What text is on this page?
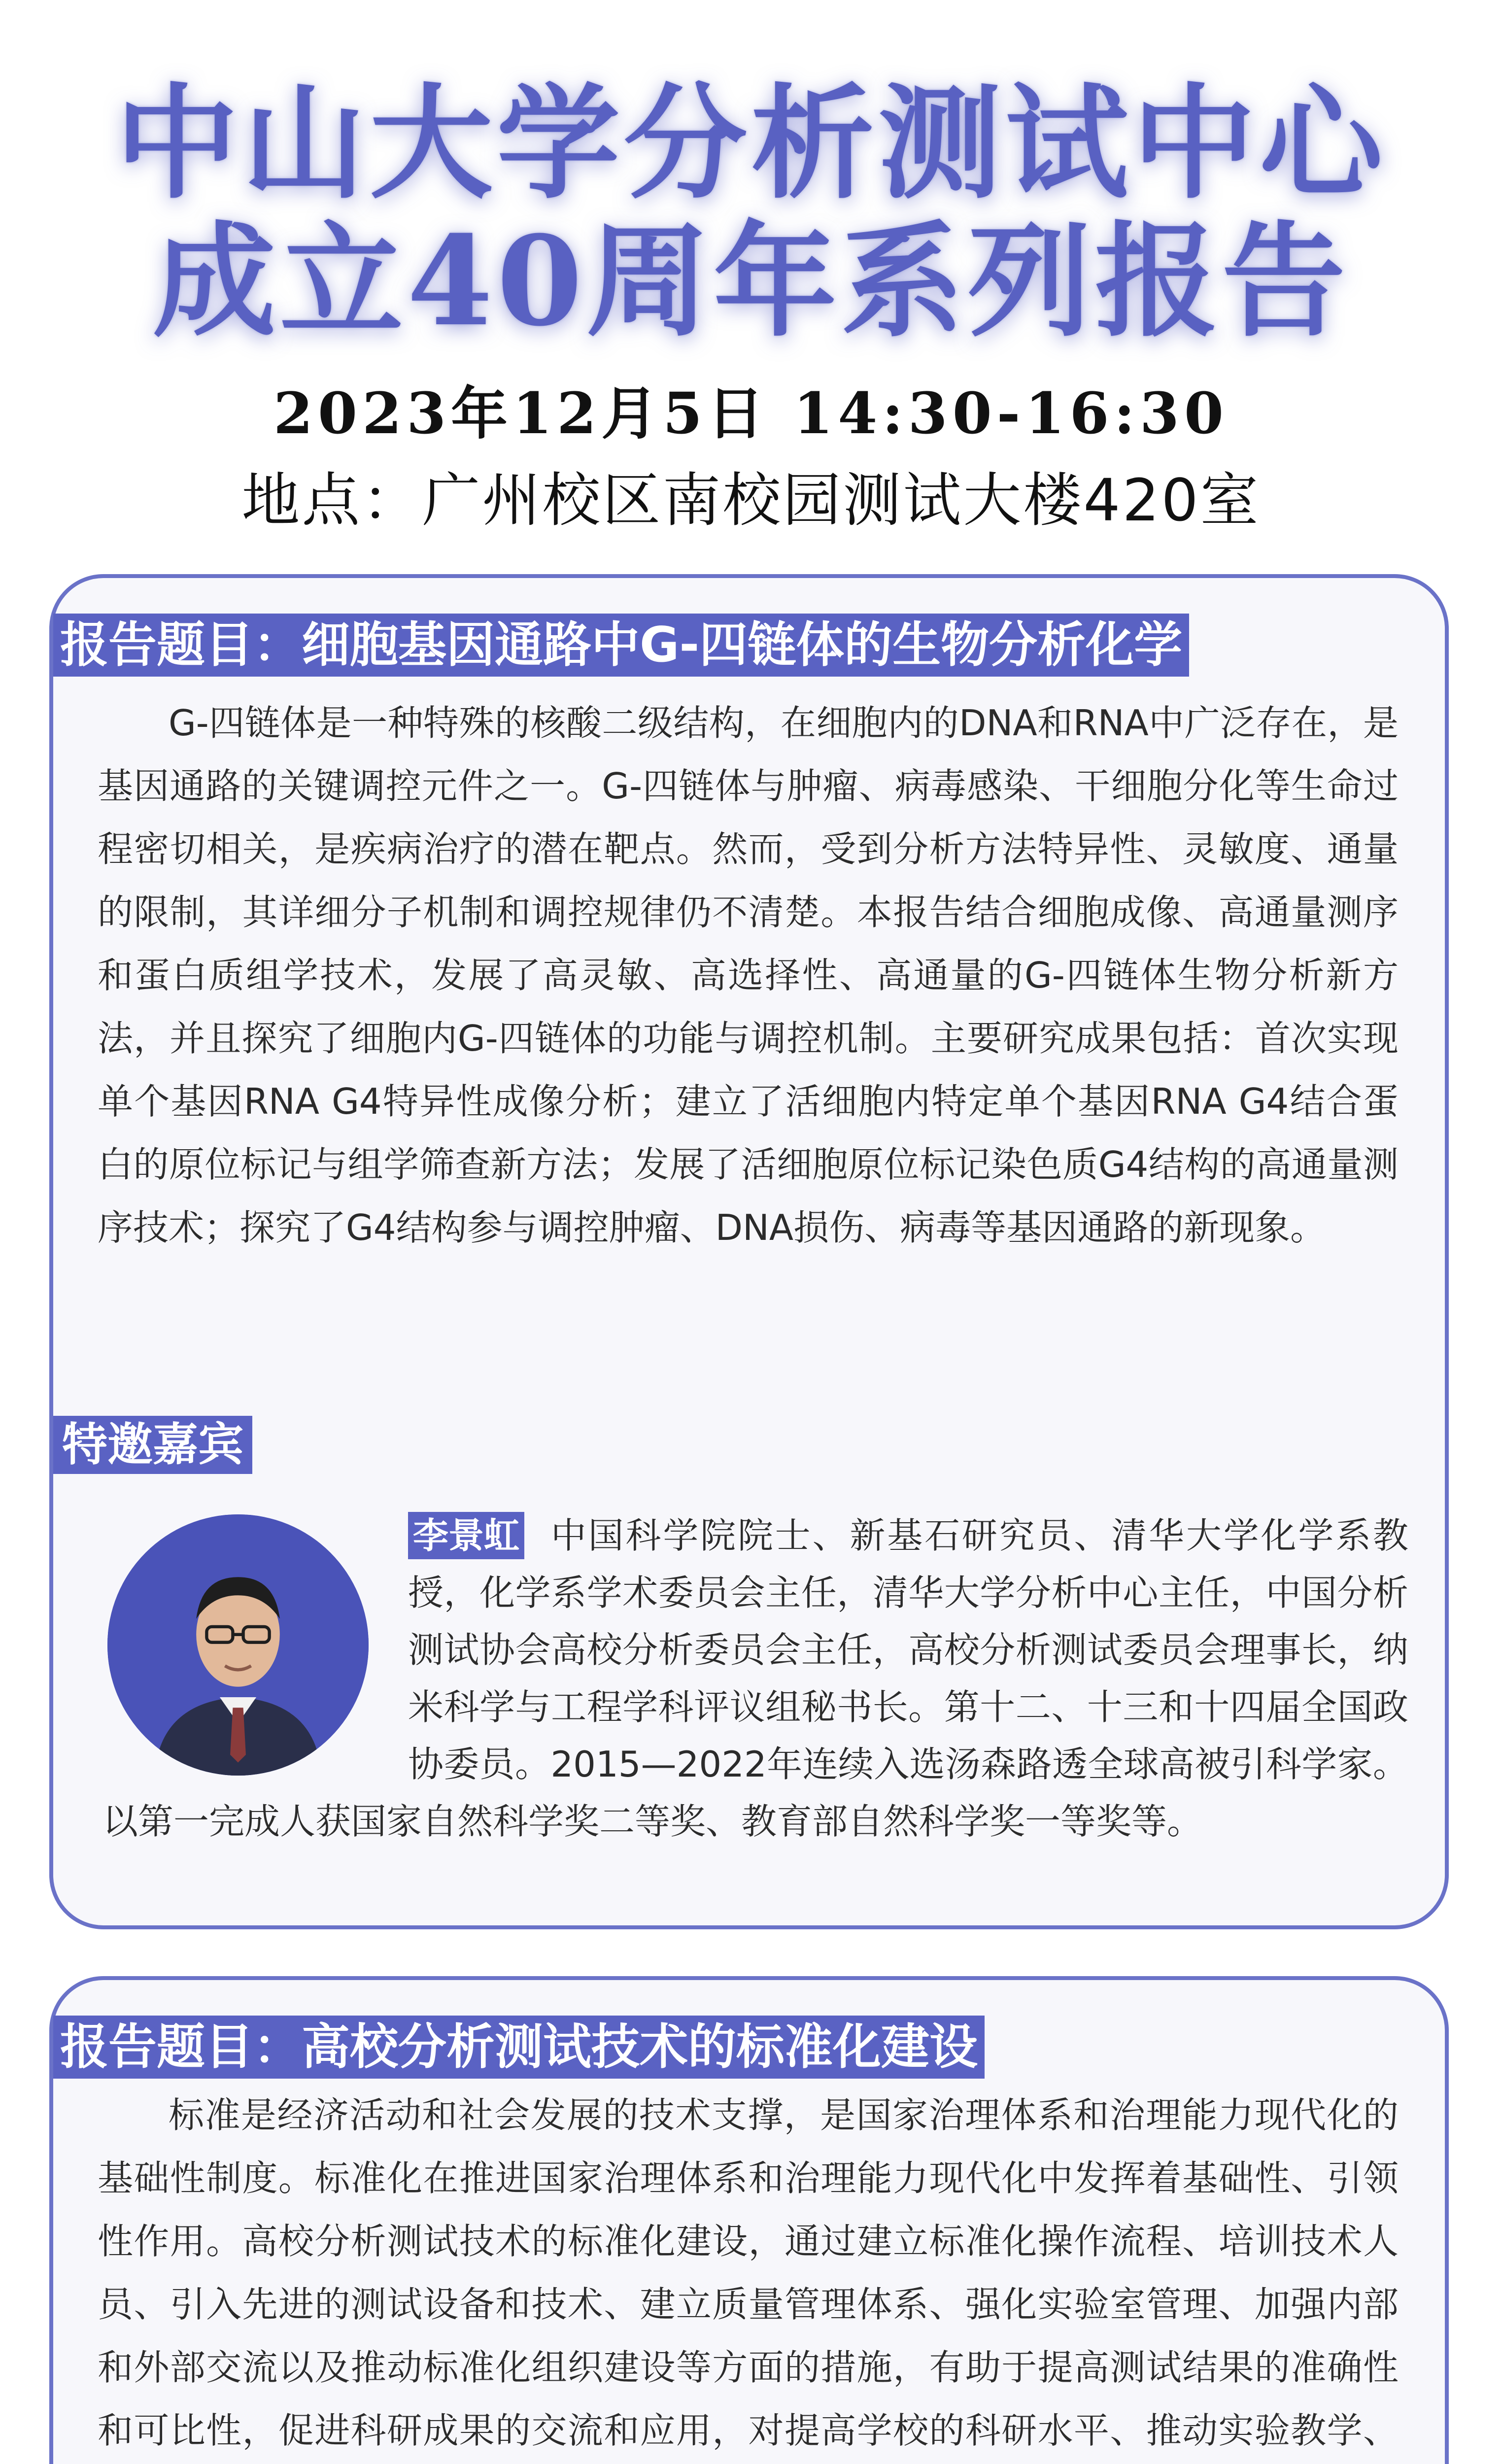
中山大学分析测试中心
成立40周年系列报告
2023年12月5日 14:30-16:30
地点：广州校区南校园测试大楼420室
报告题目：细胞基因通路中G-四链体的生物分析化学

G-四链体是一种特殊的核酸二级结构，在细胞内的DNA和RNA中广泛存在，是基因通路的关键调控元件之一。G-四链体与肿瘤、病毒感染、干细胞分化等生命过程密切相关，是疾病治疗的潜在靶点。然而，受到分析方法特异性、灵敏度、通量的限制，其详细分子机制和调控规律仍不清楚。本报告结合细胞成像、高通量测序和蛋白质组学技术，发展了高灵敏、高选择性、高通量的G-四链体生物分析新方法，并且探究了细胞内G-四链体的功能与调控机制。主要研究成果包括：首次实现单个基因RNA G4特异性成像分析；建立了活细胞内特定单个基因RNA G4结合蛋白的原位标记与组学筛查新方法；发展了活细胞原位标记染色质G4结构的高通量测序技术；探究了G4结构参与调控肿瘤、DNA损伤、病毒等基因通路的新现象。

特邀嘉宾

李景虹 中国科学院院士、新基石研究员、清华大学化学系教授，化学系学术委员会主任，清华大学分析中心主任，中国分析测试协会高校分析委员会主任，高校分析测试委员会理事长，纳米科学与工程学科评议组秘书长。第十二、十三和十四届全国政协委员。2015—2022年连续入选汤森路透全球高被引科学家。以第一完成人获国家自然科学奖二等奖、教育部自然科学奖一等奖等。

报告题目：高校分析测试技术的标准化建设

标准是经济活动和社会发展的技术支撑，是国家治理体系和治理能力现代化的基础性制度。标准化在推进国家治理体系和治理能力现代化中发挥着基础性、引领性作用。高校分析测试技术的标准化建设，通过建立标准化操作流程、培训技术人员、引入先进的测试设备和技术、建立质量管理体系、强化实验室管理、加强内部和外部交流以及推动标准化组织建设等方面的措施，有助于提高测试结果的准确性和可比性，促进科研成果的交流和应用，对提高学校的科研水平、推动实验教学、
